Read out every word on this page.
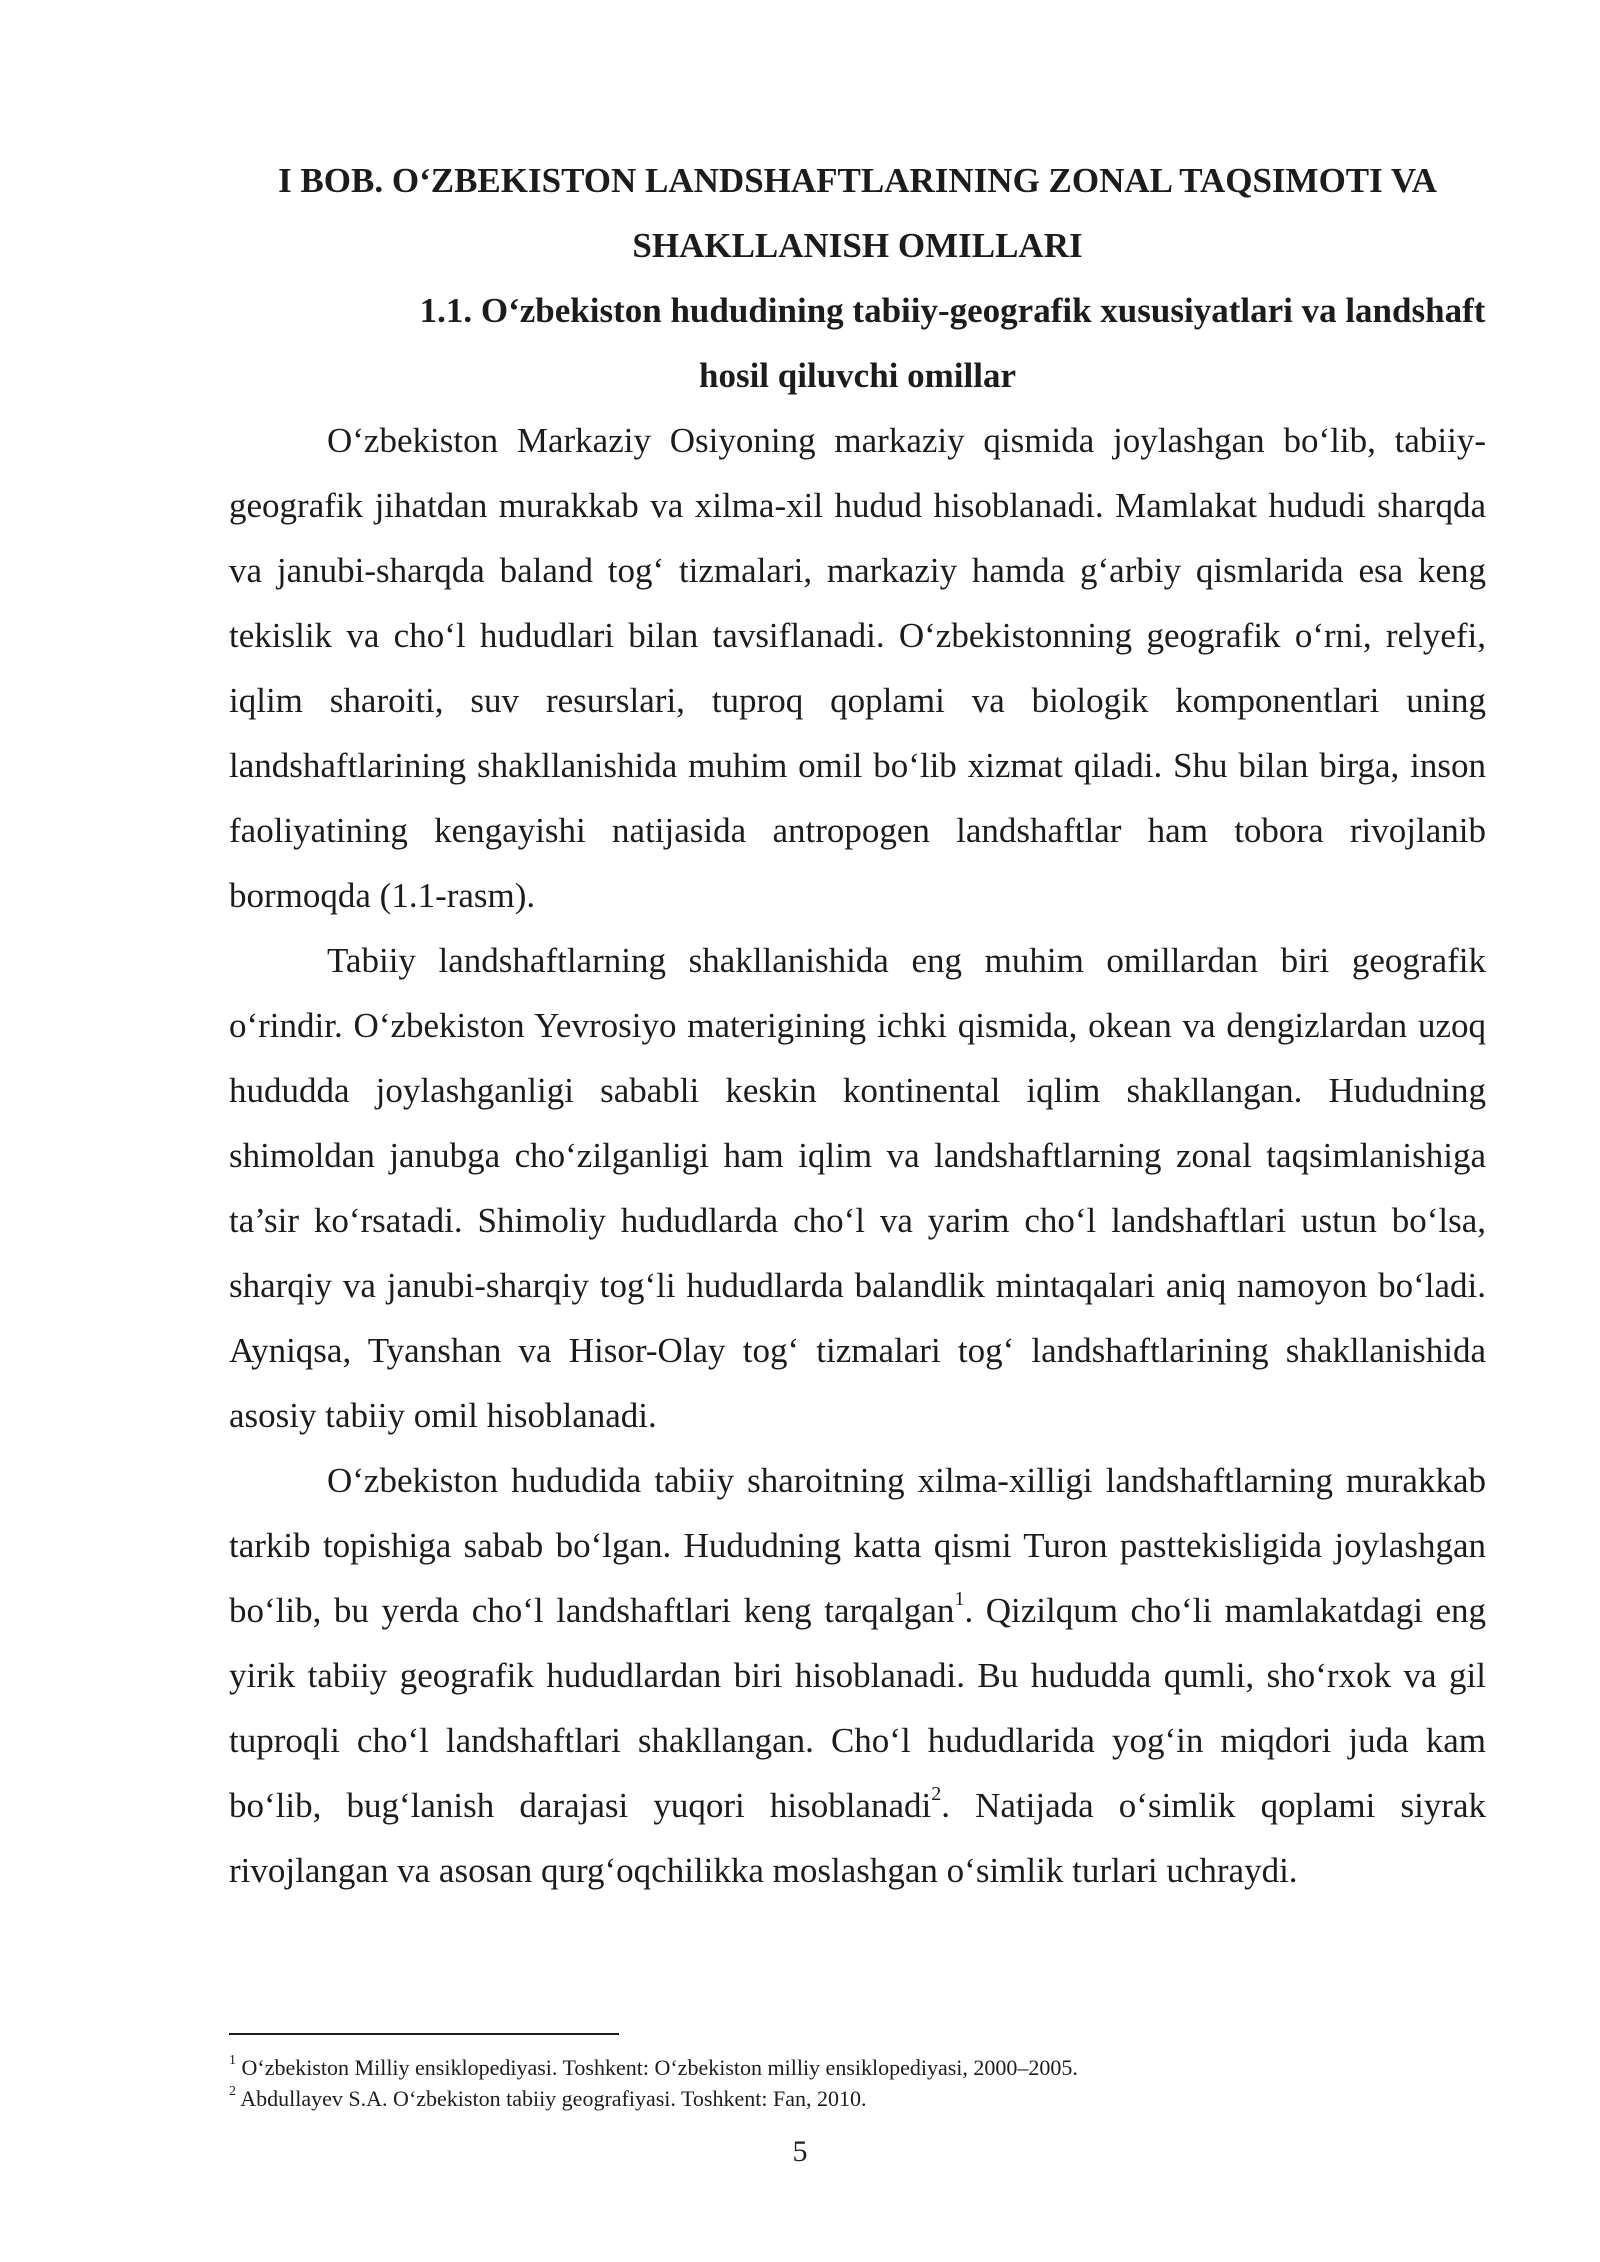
I BOB. O‘ZBEKISTON LANDSHAFTLARINING ZONAL TAQSIMOTI VA

SHAKLLANISH OMILLARI

1.1. O‘zbekiston hududining tabiiy-geografik xususiyatlari va landshaft

hosil qiluvchi omillar

O‘zbekiston Markaziy Osiyoning markaziy qismida joylashgan bo‘lib, tabiiy-geografik jihatdan murakkab va xilma-xil hudud hisoblanadi. Mamlakat hududi sharqda va janubi-sharqda baland tog‘ tizmalari, markaziy hamda g‘arbiy qismlarida esa keng tekislik va cho‘l hududlari bilan tavsiflanadi. O‘zbekistonning geografik o‘rni, relyefi, iqlim sharoiti, suv resurslari, tuproq qoplami va biologik komponentlari uning landshaftlarining shakllanishida muhim omil bo‘lib xizmat qiladi. Shu bilan birga, inson faoliyatining kengayishi natijasida antropogen landshaftlar ham tobora rivojlanib bormoqda (1.1-rasm).

Tabiiy landshaftlarning shakllanishida eng muhim omillardan biri geografik o‘rindir. O‘zbekiston Yevrosiyo materigining ichki qismida, okean va dengizlardan uzoq hududda joylashganligi sababli keskin kontinental iqlim shakllangan. Hududning shimoldan janubga cho‘zilganligi ham iqlim va landshaftlarning zonal taqsimlanishiga ta’sir ko‘rsatadi. Shimoliy hududlarda cho‘l va yarim cho‘l landshaftlari ustun bo‘lsa, sharqiy va janubi-sharqiy tog‘li hududlarda balandlik mintaqalari aniq namoyon bo‘ladi. Ayniqsa, Tyanshan va Hisor-Olay tog‘ tizmalari tog‘ landshaftlarining shakllanishida asosiy tabiiy omil hisoblanadi.

O‘zbekiston hududida tabiiy sharoitning xilma-xilligi landshaftlarning murakkab tarkib topishiga sabab bo‘lgan. Hududning katta qismi Turon pasttekisligida joylashgan bo‘lib, bu yerda cho‘l landshaftlari keng tarqalgan$^1$. Qizilqum cho‘li mamlakatdagi eng yirik tabiiy geografik hududlardan biri hisoblanadi. Bu hududda qumli, sho‘rxok va gil tuproqli cho‘l landshaftlari shakllangan. Cho‘l hududlarida yog‘in miqdori juda kam bo‘lib, bug‘lanish darajasi yuqori hisoblanadi$^2$. Natijada o‘simlik qoplami siyrak rivojlangan va asosan qurg‘oqchilikka moslashgan o‘simlik turlari uchraydi.

$^1$ O‘zbekiston Milliy ensiklopediyasi. Toshkent: O‘zbekiston milliy ensiklopediyasi, 2000–2005.

$^2$ Abdullayev S.A. O‘zbekiston tabiiy geografiyasi. Toshkent: Fan, 2010.

5
